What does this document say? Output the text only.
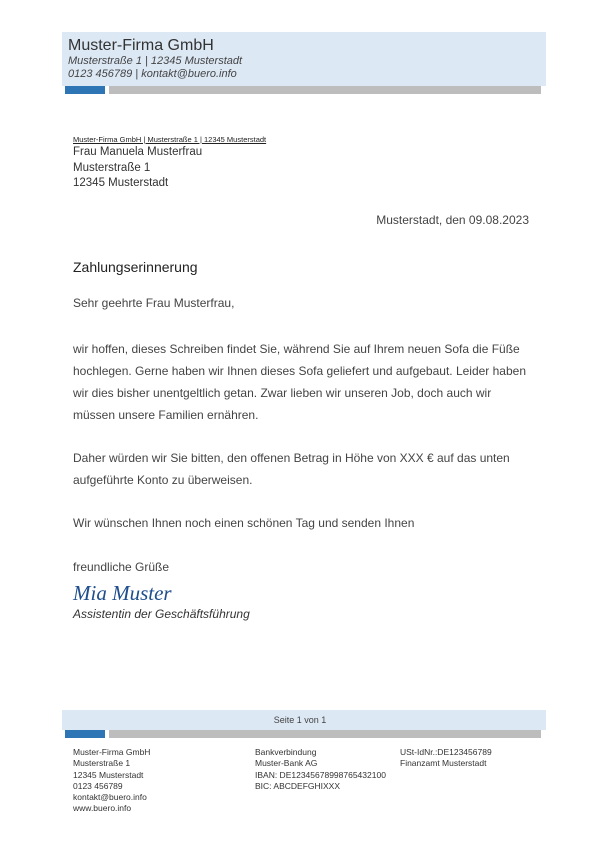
Muster-Firma GmbH
Musterstraße 1 | 12345 Musterstadt
0123 456789 | kontakt@buero.info
Muster-Firma GmbH | Musterstraße 1 | 12345 Musterstadt
Frau Manuela Musterfrau
Musterstraße 1
12345 Musterstadt
Musterstadt, den 09.08.2023
Zahlungserinnerung
Sehr geehrte Frau Musterfrau,
wir hoffen, dieses Schreiben findet Sie, während Sie auf Ihrem neuen Sofa die Füße hochlegen. Gerne haben wir Ihnen dieses Sofa geliefert und aufgebaut. Leider haben wir dies bisher unentgeltlich getan. Zwar lieben wir unseren Job, doch auch wir müssen unsere Familien ernähren.
Daher würden wir Sie bitten, den offenen Betrag in Höhe von XXX € auf das unten aufgeführte Konto zu überweisen.
Wir wünschen Ihnen noch einen schönen Tag und senden Ihnen
freundliche Grüße
Mia Muster
Assistentin der Geschäftsführung
Seite 1 von 1
Muster-Firma GmbH
Musterstraße 1
12345 Musterstadt
0123 456789
kontakt@buero.info
www.buero.info
Bankverbindung
Muster-Bank AG
IBAN: DE12345678998765432100
BIC: ABCDEFGHIXXX
USt-IdNr.:DE123456789
Finanzamt Musterstadt
